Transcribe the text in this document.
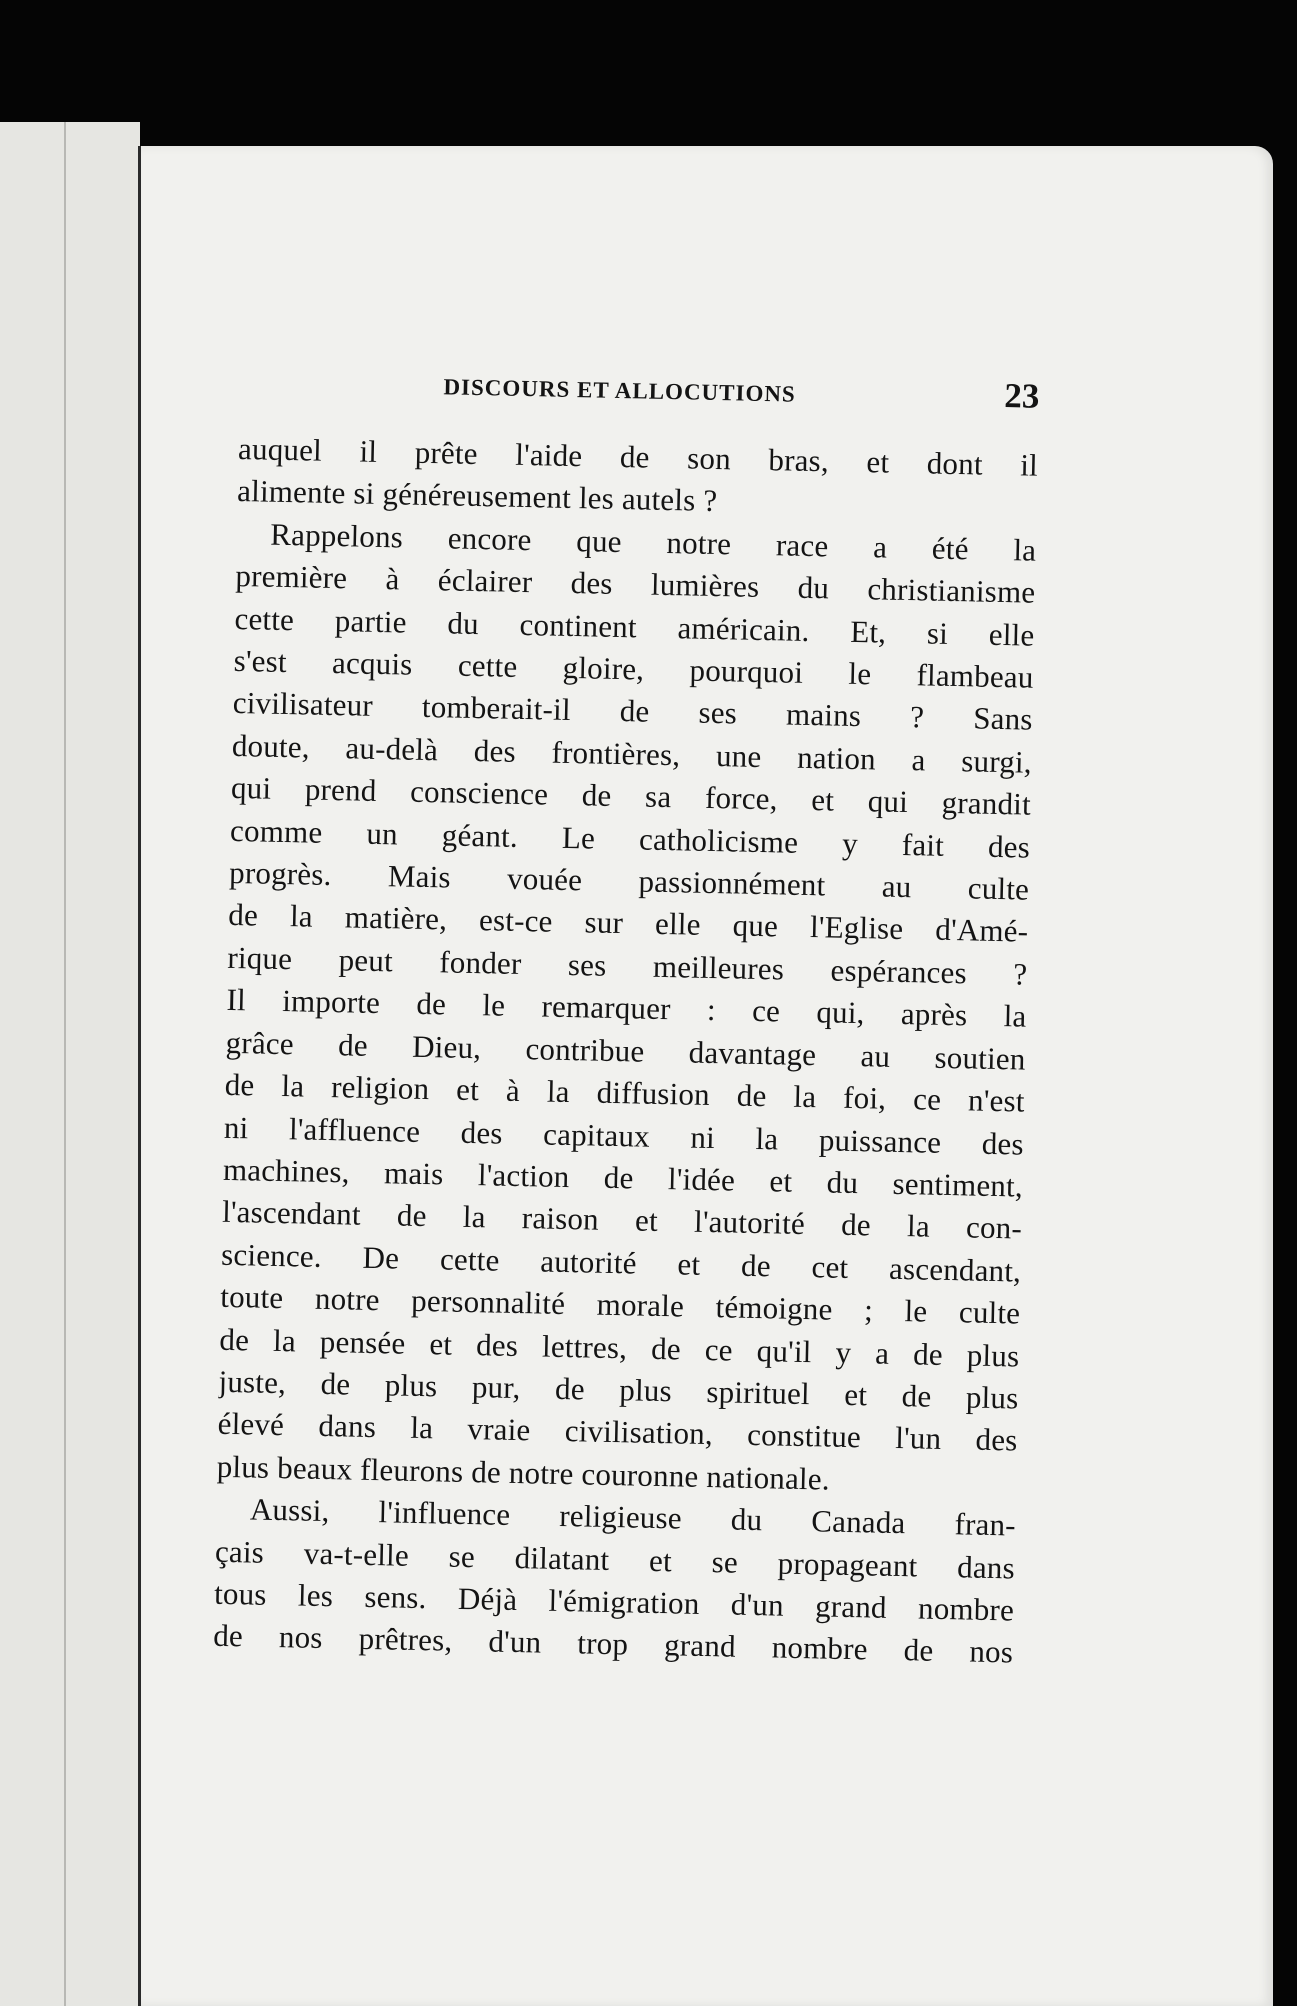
DISCOURS ET ALLOCUTIONS	23
auquel il prête l'aide de son bras, et dont il
alimente si généreusement les autels ?
Rappelons encore que notre race a été la
première à éclairer des lumières du christianisme
cette partie du continent américain. Et, si elle
s'est acquis cette gloire, pourquoi le flambeau
civilisateur tomberait-il de ses mains ? Sans
doute, au-delà des frontières, une nation a surgi,
qui prend conscience de sa force, et qui grandit
comme un géant. Le catholicisme y fait des
progrès. Mais vouée passionnément au culte
de la matière, est-ce sur elle que l'Eglise d'Amé-
rique peut fonder ses meilleures espérances ?
Il importe de le remarquer : ce qui, après la
grâce de Dieu, contribue davantage au soutien
de la religion et à la diffusion de la foi, ce n'est
ni l'affluence des capitaux ni la puissance des
machines, mais l'action de l'idée et du sentiment,
l'ascendant de la raison et l'autorité de la con-
science. De cette autorité et de cet ascendant,
toute notre personnalité morale témoigne ; le culte
de la pensée et des lettres, de ce qu'il y a de plus
juste, de plus pur, de plus spirituel et de plus
élevé dans la vraie civilisation, constitue l'un des
plus beaux fleurons de notre couronne nationale.
Aussi, l'influence religieuse du Canada fran-
çais va-t-elle se dilatant et se propageant dans
tous les sens. Déjà l'émigration d'un grand nombre
de nos prêtres, d'un trop grand nombre de nos
